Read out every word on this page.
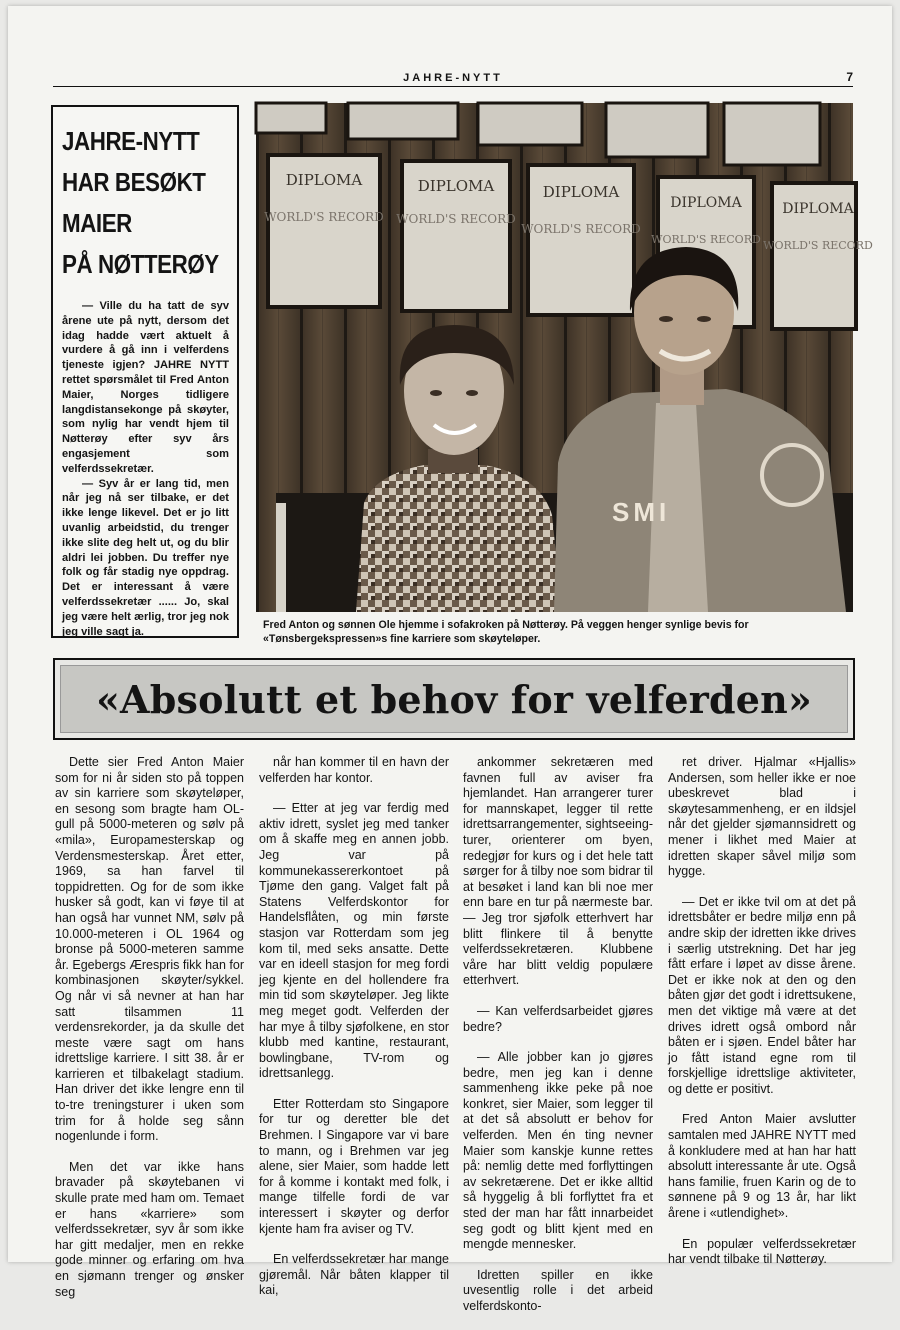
JAHRE-NYTT	7
JAHRE-NYTT
HAR BESØKT
MAIER
PÅ NØTTERØY

— Ville du ha tatt de syv årene ute på nytt, dersom det idag hadde vært aktuelt å vurdere å gå inn i velferdens tjeneste igjen? JAHRE NYTT rettet spørsmålet til Fred Anton Maier, Norges tidligere langdistansekonge på skøyter, som nylig har vendt hjem til Nøtterøy efter syv års engasjement som velferdssekretær.

— Syv år er lang tid, men når jeg nå ser tilbake, er det ikke lenge likevel. Det er jo litt uvanlig arbeidstid, du trenger ikke slite deg helt ut, og du blir aldri lei jobben. Du treffer nye folk og får stadig nye oppdrag. Det er interessant å være velferdssekretær ...... Jo, skal jeg være helt ærlig, tror jeg nok jeg ville sagt ja.

DIPLOMA
WORLD'S RECORD
DIPLOMA
WORLD'S RECORD
DIPLOMA
WORLD'S RECORD
DIPLOMA
WORLD'S RECORD
DIPLOMA
WORLD'S RECORD
SMI
Fred Anton og sønnen Ole hjemme i sofakroken på Nøtterøy. På veggen henger synlige bevis for «Tønsbergekspressen»s fine karriere som skøyteløper.
«Absolutt et behov for velferden»

Dette sier Fred Anton Maier som for ni år siden sto på toppen av sin karriere som skøyteløper, en sesong som bragte ham OL-gull på 5000-meteren og sølv på «mila», Europamesterskap og Verdensmesterskap. Året etter, 1969, sa han farvel til toppidretten. Og for de som ikke husker så godt, kan vi føye til at han også har vunnet NM, sølv på 10.000-meteren i OL 1964 og bronse på 5000-meteren samme år. Egebergs Ærespris fikk han for kombinasjonen skøyter/sykkel. Og når vi så nevner at han har satt tilsammen 11 verdensrekorder, ja da skulle det meste være sagt om hans idrettslige karriere. I sitt 38. år er karrieren et tilbakelagt stadium. Han driver det ikke lengre enn til to-tre treningsturer i uken som trim for å holde seg sånn nogenlunde i form.

Men det var ikke hans bravader på skøytebanen vi skulle prate med ham om. Temaet er hans «karriere» som velferdssekretær, syv år som ikke har gitt medaljer, men en rekke gode minner og erfaring om hva en sjømann trenger og ønsker seg

når han kommer til en havn der velferden har kontor.

— Etter at jeg var ferdig med aktiv idrett, syslet jeg med tanker om å skaffe meg en annen jobb. Jeg var på kommunekassererkontoet på Tjøme den gang. Valget falt på Statens Velferdskontor for Handelsflåten, og min første stasjon var Rotterdam som jeg kom til, med seks ansatte. Dette var en ideell stasjon for meg fordi jeg kjente en del hollendere fra min tid som skøyteløper. Jeg likte meg meget godt. Velferden der har mye å tilby sjøfolkene, en stor klubb med kantine, restaurant, bowlingbane, TV-rom og idrettsanlegg.

Etter Rotterdam sto Singapore for tur og deretter ble det Brehmen. I Singapore var vi bare to mann, og i Brehmen var jeg alene, sier Maier, som hadde lett for å komme i kontakt med folk, i mange tilfelle fordi de var interessert i skøyter og derfor kjente ham fra aviser og TV.

En velferdssekretær har mange gjøremål. Når båten klapper til kai,

ankommer sekretæren med favnen full av aviser fra hjemlandet. Han arrangerer turer for mannskapet, legger til rette idrettsarrangementer, sightseeing-turer, orienterer om byen, redegjør for kurs og i det hele tatt sørger for å tilby noe som bidrar til at besøket i land kan bli noe mer enn bare en tur på nærmeste bar. — Jeg tror sjøfolk etterhvert har blitt flinkere til å benytte velferdssekretæren. Klubbene våre har blitt veldig populære etterhvert.

— Kan velferdsarbeidet gjøres bedre?

— Alle jobber kan jo gjøres bedre, men jeg kan i denne sammenheng ikke peke på noe konkret, sier Maier, som legger til at det så absolutt er behov for velferden. Men én ting nevner Maier som kanskje kunne rettes på: nemlig dette med forflyttingen av sekretærene. Det er ikke alltid så hyggelig å bli forflyttet fra et sted der man har fått innarbeidet seg godt og blitt kjent med en mengde mennesker.

Idretten spiller en ikke uvesentlig rolle i det arbeid velferdskonto-

ret driver. Hjalmar «Hjallis» Andersen, som heller ikke er noe ubeskrevet blad i skøytesammenheng, er en ildsjel når det gjelder sjømannsidrett og mener i likhet med Maier at idretten skaper såvel miljø som hygge.

— Det er ikke tvil om at det på idrettsbåter er bedre miljø enn på andre skip der idretten ikke drives i særlig utstrekning. Det har jeg fått erfare i løpet av disse årene. Det er ikke nok at den og den båten gjør det godt i idrettsukene, men det viktige må være at det drives idrett også ombord når båten er i sjøen. Endel båter har jo fått istand egne rom til forskjellige idrettslige aktiviteter, og dette er positivt.

Fred Anton Maier avslutter samtalen med JAHRE NYTT med å konkludere med at han har hatt absolutt interessante år ute. Også hans familie, fruen Karin og de to sønnene på 9 og 13 år, har likt årene i «utlendighet».

En populær velferdssekretær har vendt tilbake til Nøtterøy.
